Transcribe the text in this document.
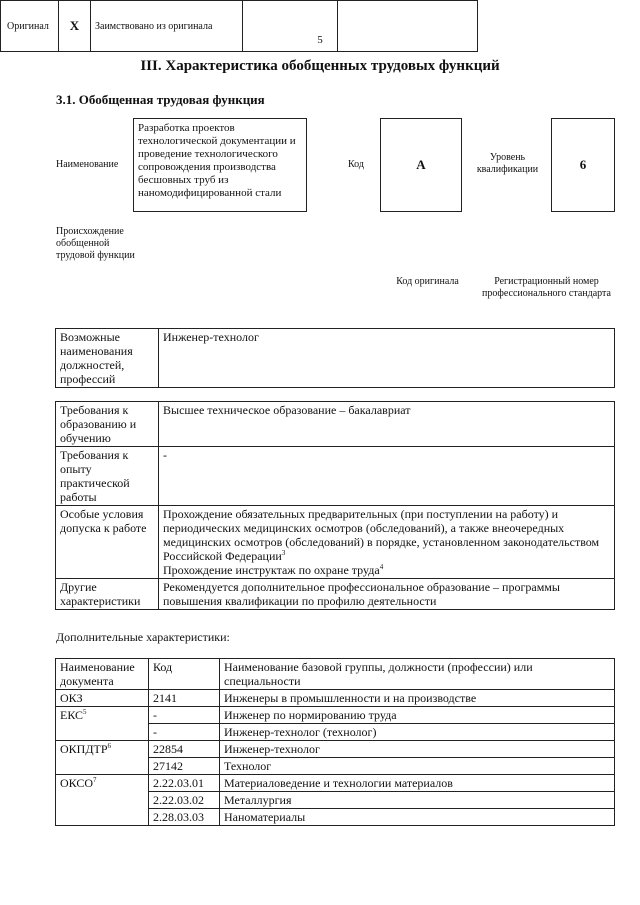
5
III. Характеристика обобщенных трудовых функций
3.1. Обобщенная трудовая функция
Наименование
Разработка проектов технологической документации и проведение технологического сопровождения производства бесшовных труб из наномодифицированной стали
Код	A	Уровень квалификации	6
Происхождение обобщенной трудовой функции
Оригинал	X	Заимствовано из оригинала
Код оригинала	Регистрационный номер профессионального стандарта
Возможные наименования должностей, профессий	Инженер-технолог
Требования к образованию и обучению	Высшее техническое образование – бакалавриат
Требования к опыту практической работы	-
Особые условия допуска к работе	Прохождение обязательных предварительных (при поступлении на работу) и периодических медицинских осмотров (обследований), а также внеочередных медицинских осмотров (обследований) в порядке, установленном законодательством Российской Федерации$^3$
Прохождение инструктаж по охране труда$^4$
Другие характеристики	Рекомендуется дополнительное профессиональное образование – программы повышения квалификации по профилю деятельности
Дополнительные характеристики:
Наименование документа	Код	Наименование базовой группы, должности (профессии) или специальности
ОКЗ	2141	Инженеры в промышленности и на производстве
ЕКС$^5$	-	Инженер по нормированию труда
	-	Инженер-технолог (технолог)
ОКПДТР$^6$	22854	Инженер-технолог
	27142	Технолог
ОКСО$^7$	2.22.03.01	Материаловедение и технологии материалов
	2.22.03.02	Металлургия
	2.28.03.03	Наноматериалы
